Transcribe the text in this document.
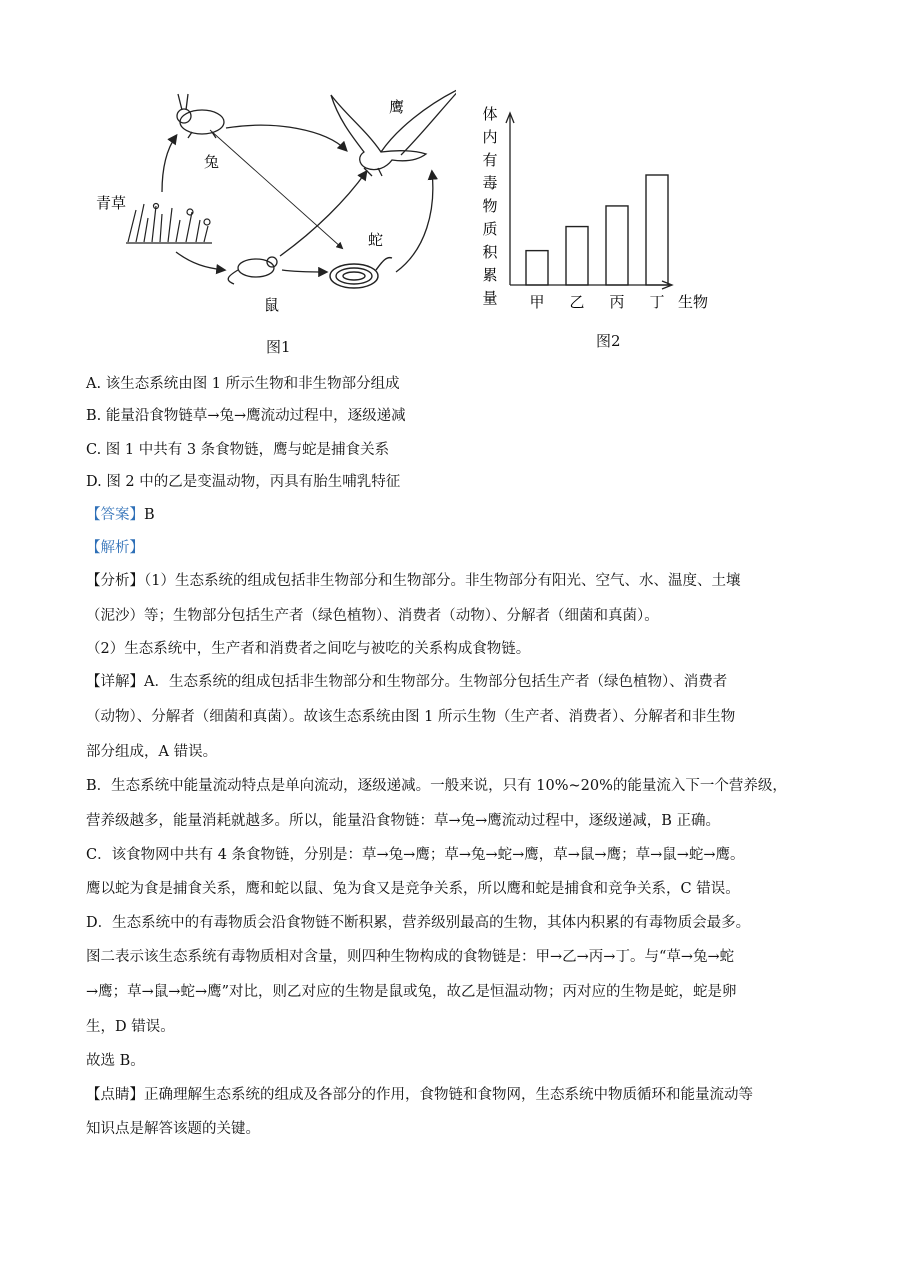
鹰
兔
青草
蛇
鼠
图1
体
内
有
毒
物
质
积
累
量 甲 乙 丙 丁 生物
图2
A. 该生态系统由图 1 所示生物和非生物部分组成
B. 能量沿食物链草→兔→鹰流动过程中，逐级递减
C. 图 1 中共有 3 条食物链，鹰与蛇是捕食关系
D. 图 2 中的乙是变温动物，丙具有胎生哺乳特征
【答案】B
【解析】
【分析】（1）生态系统的组成包括非生物部分和生物部分。非生物部分有阳光、空气、水、温度、土壤
（泥沙）等；生物部分包括生产者（绿色植物）、消费者（动物）、分解者（细菌和真菌）。
（2）生态系统中，生产者和消费者之间吃与被吃的关系构成食物链。
【详解】A．生态系统的组成包括非生物部分和生物部分。生物部分包括生产者（绿色植物）、消费者
（动物）、分解者（细菌和真菌）。故该生态系统由图 1 所示生物（生产者、消费者）、分解者和非生物
部分组成，A 错误。
B．生态系统中能量流动特点是单向流动，逐级递减。一般来说，只有 10%~20%的能量流入下一个营养级，
营养级越多，能量消耗就越多。所以，能量沿食物链：草→兔→鹰流动过程中，逐级递减，B 正确。
C．该食物网中共有 4 条食物链，分别是：草→兔→鹰；草→兔→蛇→鹰，草→鼠→鹰；草→鼠→蛇→鹰。
鹰以蛇为食是捕食关系，鹰和蛇以鼠、兔为食又是竞争关系，所以鹰和蛇是捕食和竞争关系，C 错误。
D．生态系统中的有毒物质会沿食物链不断积累，营养级别最高的生物，其体内积累的有毒物质会最多。
图二表示该生态系统有毒物质相对含量，则四种生物构成的食物链是：甲→乙→丙→丁。与“草→兔→蛇
→鹰；草→鼠→蛇→鹰”对比，则乙对应的生物是鼠或兔，故乙是恒温动物；丙对应的生物是蛇，蛇是卵
生，D 错误。
故选 B。
【点睛】正确理解生态系统的组成及各部分的作用，食物链和食物网，生态系统中物质循环和能量流动等
知识点是解答该题的关键。
